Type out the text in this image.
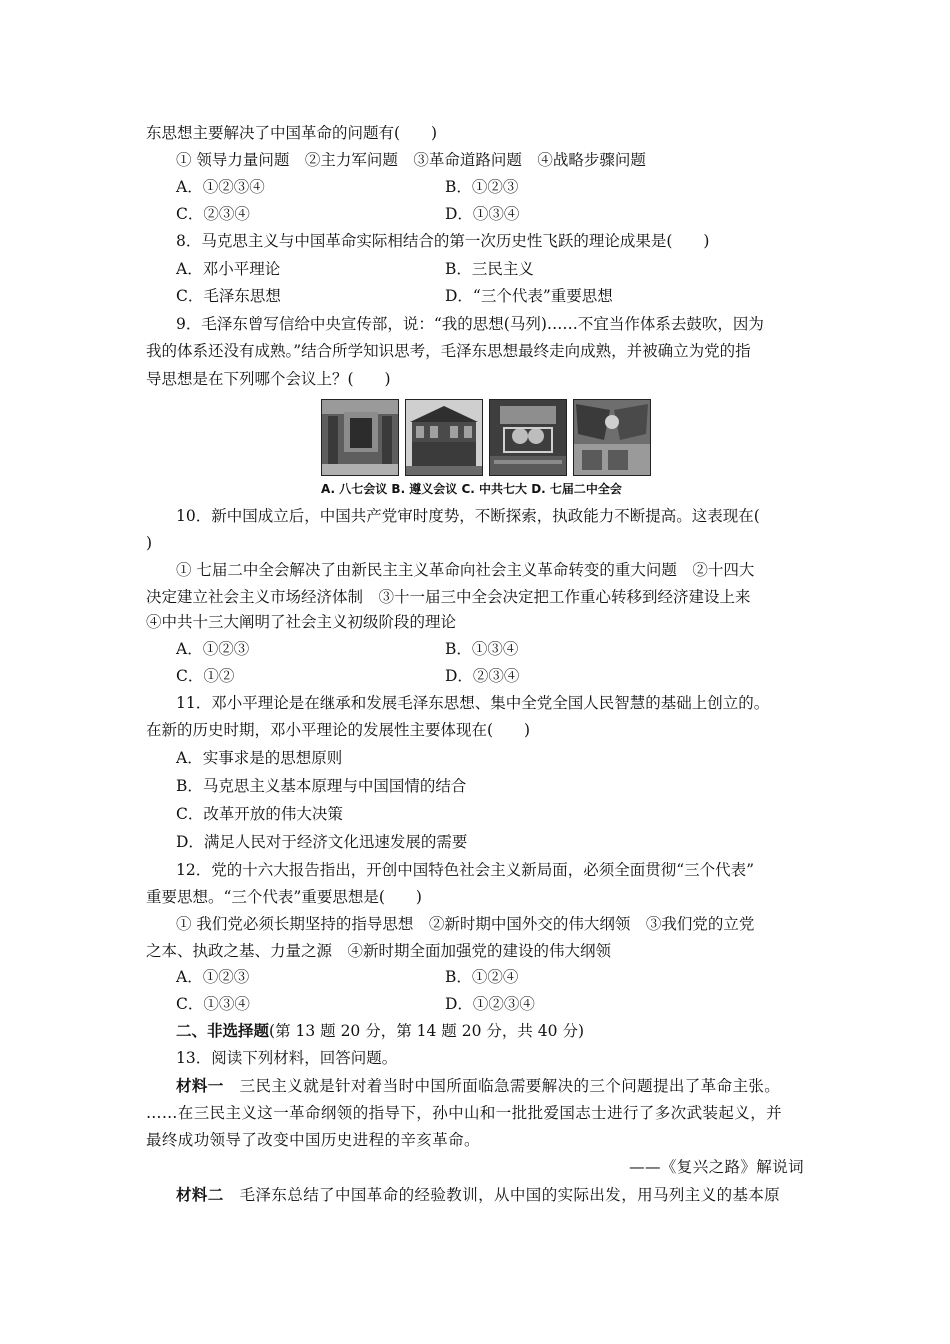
东思想主要解决了中国革命的问题有(　　)
① 领导力量问题　②主力军问题　③革命道路问题　④战略步骤问题
A．①②③④	B．①②③
C．②③④	D．①③④
8．马克思主义与中国革命实际相结合的第一次历史性飞跃的理论成果是(　　)
A．邓小平理论	B．三民主义
C．毛泽东思想	D．“三个代表”重要思想
9．毛泽东曾写信给中央宣传部，说：“我的思想(马列)……不宜当作体系去鼓吹，因为
我的体系还没有成熟。”结合所学知识思考，毛泽东思想最终走向成熟，并被确立为党的指
导思想是在下列哪个会议上？(　　)
A. 八七会议 B. 遵义会议 C. 中共七大 D. 七届二中全会
10．新中国成立后，中国共产党审时度势，不断探索，执政能力不断提高。这表现在(
)
① 七届二中全会解决了由新民主主义革命向社会主义革命转变的重大问题　②十四大
决定建立社会主义市场经济体制　③十一届三中全会决定把工作重心转移到经济建设上来
④中共十三大阐明了社会主义初级阶段的理论
A．①②③	B．①③④
C．①②	D．②③④
11．邓小平理论是在继承和发展毛泽东思想、集中全党全国人民智慧的基础上创立的。
在新的历史时期，邓小平理论的发展性主要体现在(　　)
A．实事求是的思想原则
B．马克思主义基本原理与中国国情的结合
C．改革开放的伟大决策
D．满足人民对于经济文化迅速发展的需要
12．党的十六大报告指出，开创中国特色社会主义新局面，必须全面贯彻“三个代表”
重要思想。“三个代表”重要思想是(　　)
① 我们党必须长期坚持的指导思想　②新时期中国外交的伟大纲领　③我们党的立党
之本、执政之基、力量之源　④新时期全面加强党的建设的伟大纲领
A．①②③	B．①②④
C．①③④	D．①②③④
二、非选择题(第 13 题 20 分，第 14 题 20 分，共 40 分)
13．阅读下列材料，回答问题。
材料一　三民主义就是针对着当时中国所面临急需要解决的三个问题提出了革命主张。
……在三民主义这一革命纲领的指导下，孙中山和一批批爱国志士进行了多次武装起义，并
最终成功领导了改变中国历史进程的辛亥革命。
——《复兴之路》解说词
材料二　毛泽东总结了中国革命的经验教训，从中国的实际出发，用马列主义的基本原
